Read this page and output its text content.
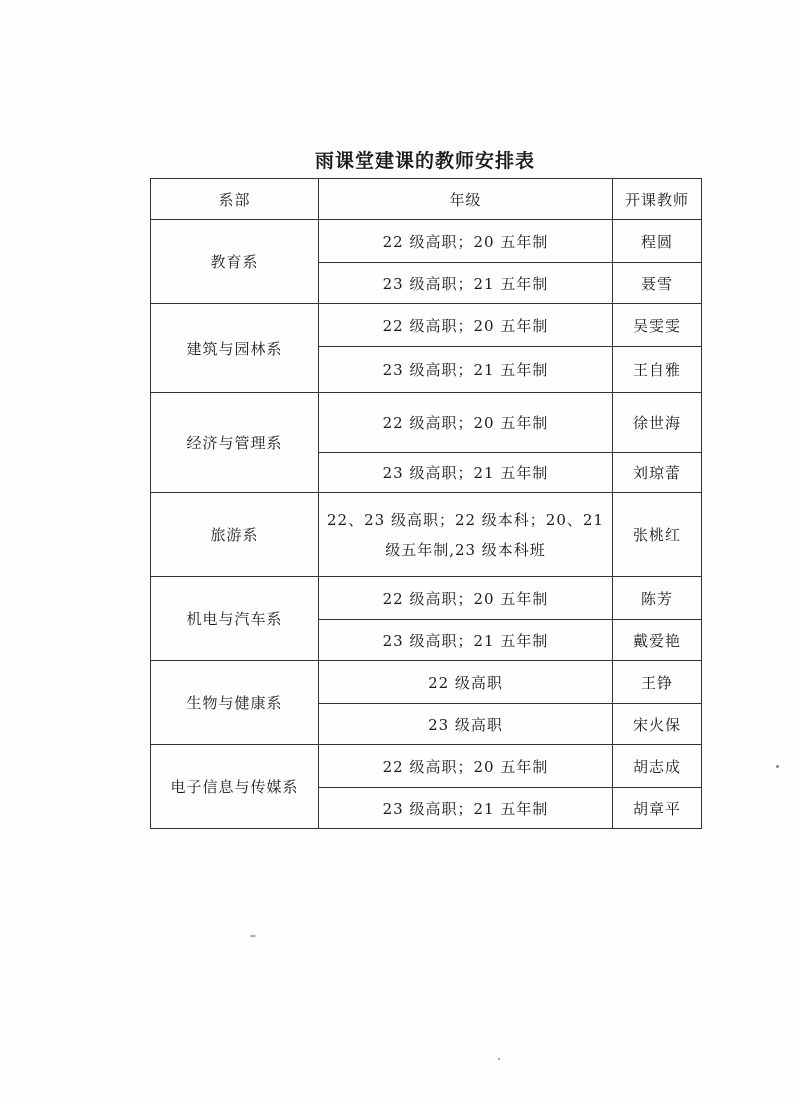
雨课堂建课的教师安排表
系部	年级	开课教师
教育系	22 级高职；20 五年制	程圆
	23 级高职；21 五年制	聂雪
建筑与园林系	22 级高职；20 五年制	吴雯雯
	23 级高职；21 五年制	王自雅
经济与管理系	22 级高职；20 五年制	徐世海
	23 级高职；21 五年制	刘琼蕾
旅游系	22、23 级高职；22 级本科；20、21
级五年制,23 级本科班	张桃红
机电与汽车系	22 级高职；20 五年制	陈芳
	23 级高职；21 五年制	戴爱艳
生物与健康系	22 级高职	王铮
	23 级高职	宋火保
电子信息与传媒系	22 级高职；20 五年制	胡志成
	23 级高职；21 五年制	胡章平
